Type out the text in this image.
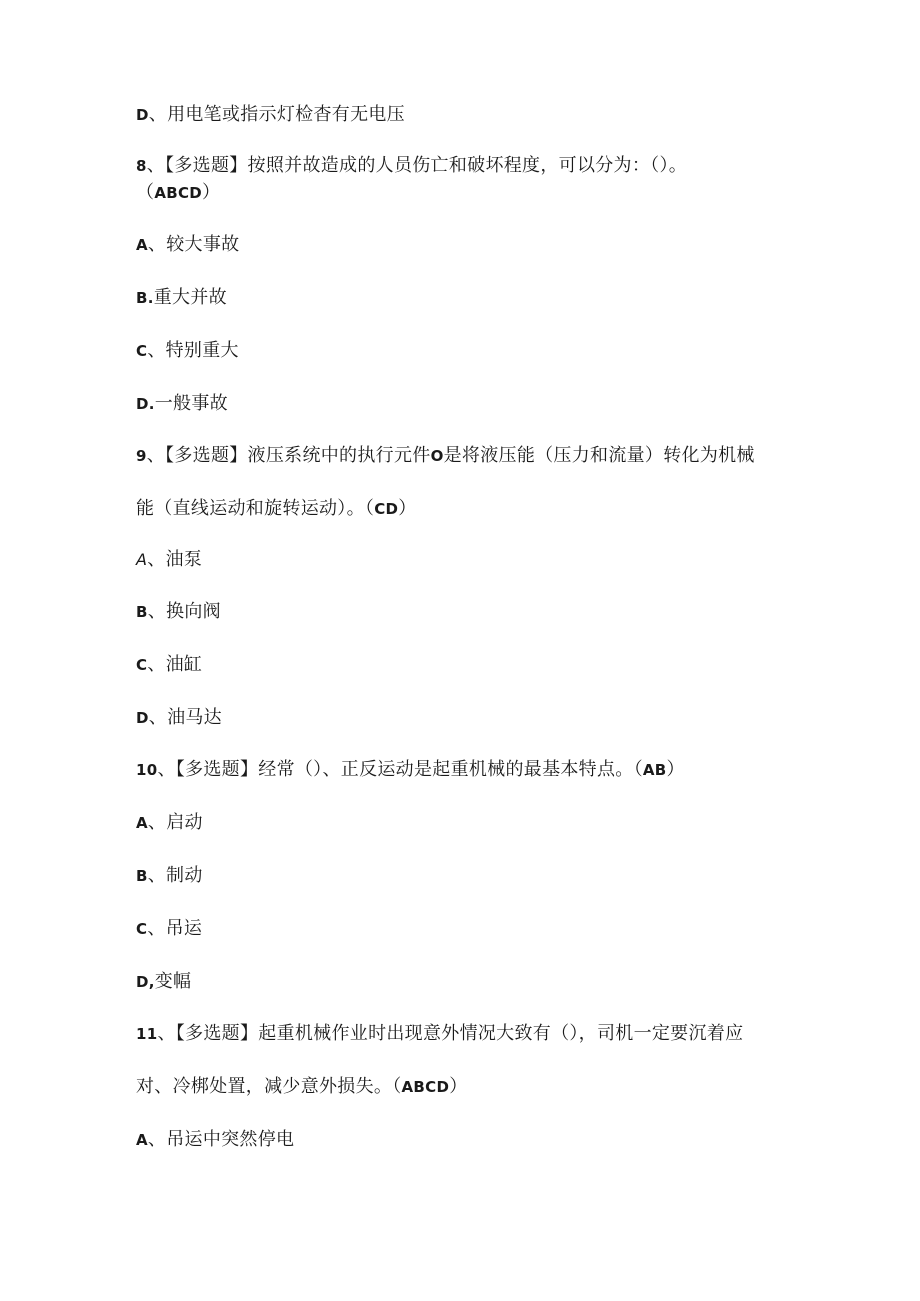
D、用电笔或指示灯检杳有无电压
8、【多选题】按照并故造成的人员伤亡和破坏程度，可以分为：（）。
（ABCD）
A、较大事故
B.重大并故
C、特别重大
D.一般事故
9、【多选题】液压系统中的执行元件O是将液压能（压力和流量）转化为机械
能（直线运动和旋转运动）。（CD）
A、油泵
B、换向阀
C、油缸
D、油马达
10、【多选题】经常（）、正反运动是起重机械的最基本特点。（AB）
A、启动
B、制动
C、吊运
D,变幅
11、【多选题】起重机械作业时出现意外情况大致有（），司机一定要沉着应
对、冷梆处置，减少意外损失。（ABCD）
A、吊运中突然停电
